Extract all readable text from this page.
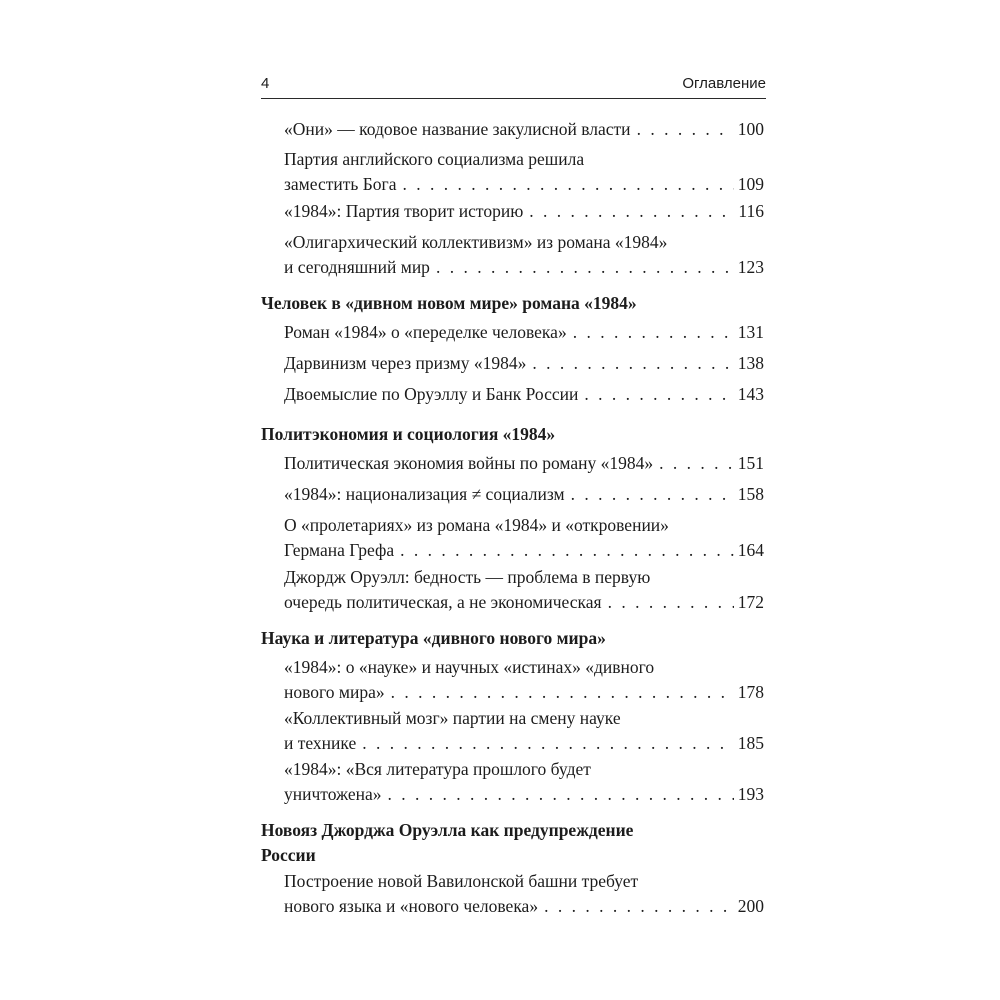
4	Оглавление
«Они» — кодовое название закулисной власти . . .	100
Партия английского социализма решила
заместить Бога . . .	109
«1984»: Партия творит историю . . .	116
«Олигархический коллективизм» из романа «1984»
и сегодняшний мир . . .	123
Человек в «дивном новом мире» романа «1984»
Роман «1984» о «переделке человека» . . .	131
Дарвинизм через призму «1984» . . .	138
Двоемыслие по Оруэллу и Банк России . . .	143
Политэкономия и социология «1984»
Политическая экономия войны по роману «1984» . . .	151
«1984»: национализация ≠ социализм . . .	158
О «пролетариях» из романа «1984» и «откровении»
Германа Грефа . . .	164
Джордж Оруэлл: бедность — проблема в первую
очередь политическая, а не экономическая . . .	172
Наука и литература «дивного нового мира»
«1984»: о «науке» и научных «истинах» «дивного
нового мира» . . .	178
«Коллективный мозг» партии на смену науке
и технике . . .	185
«1984»: «Вся литература прошлого будет
уничтожена» . . .	193
Новояз Джорджа Оруэлла как предупреждение
России
Построение новой Вавилонской башни требует
нового языка и «нового человека» . . .	200
